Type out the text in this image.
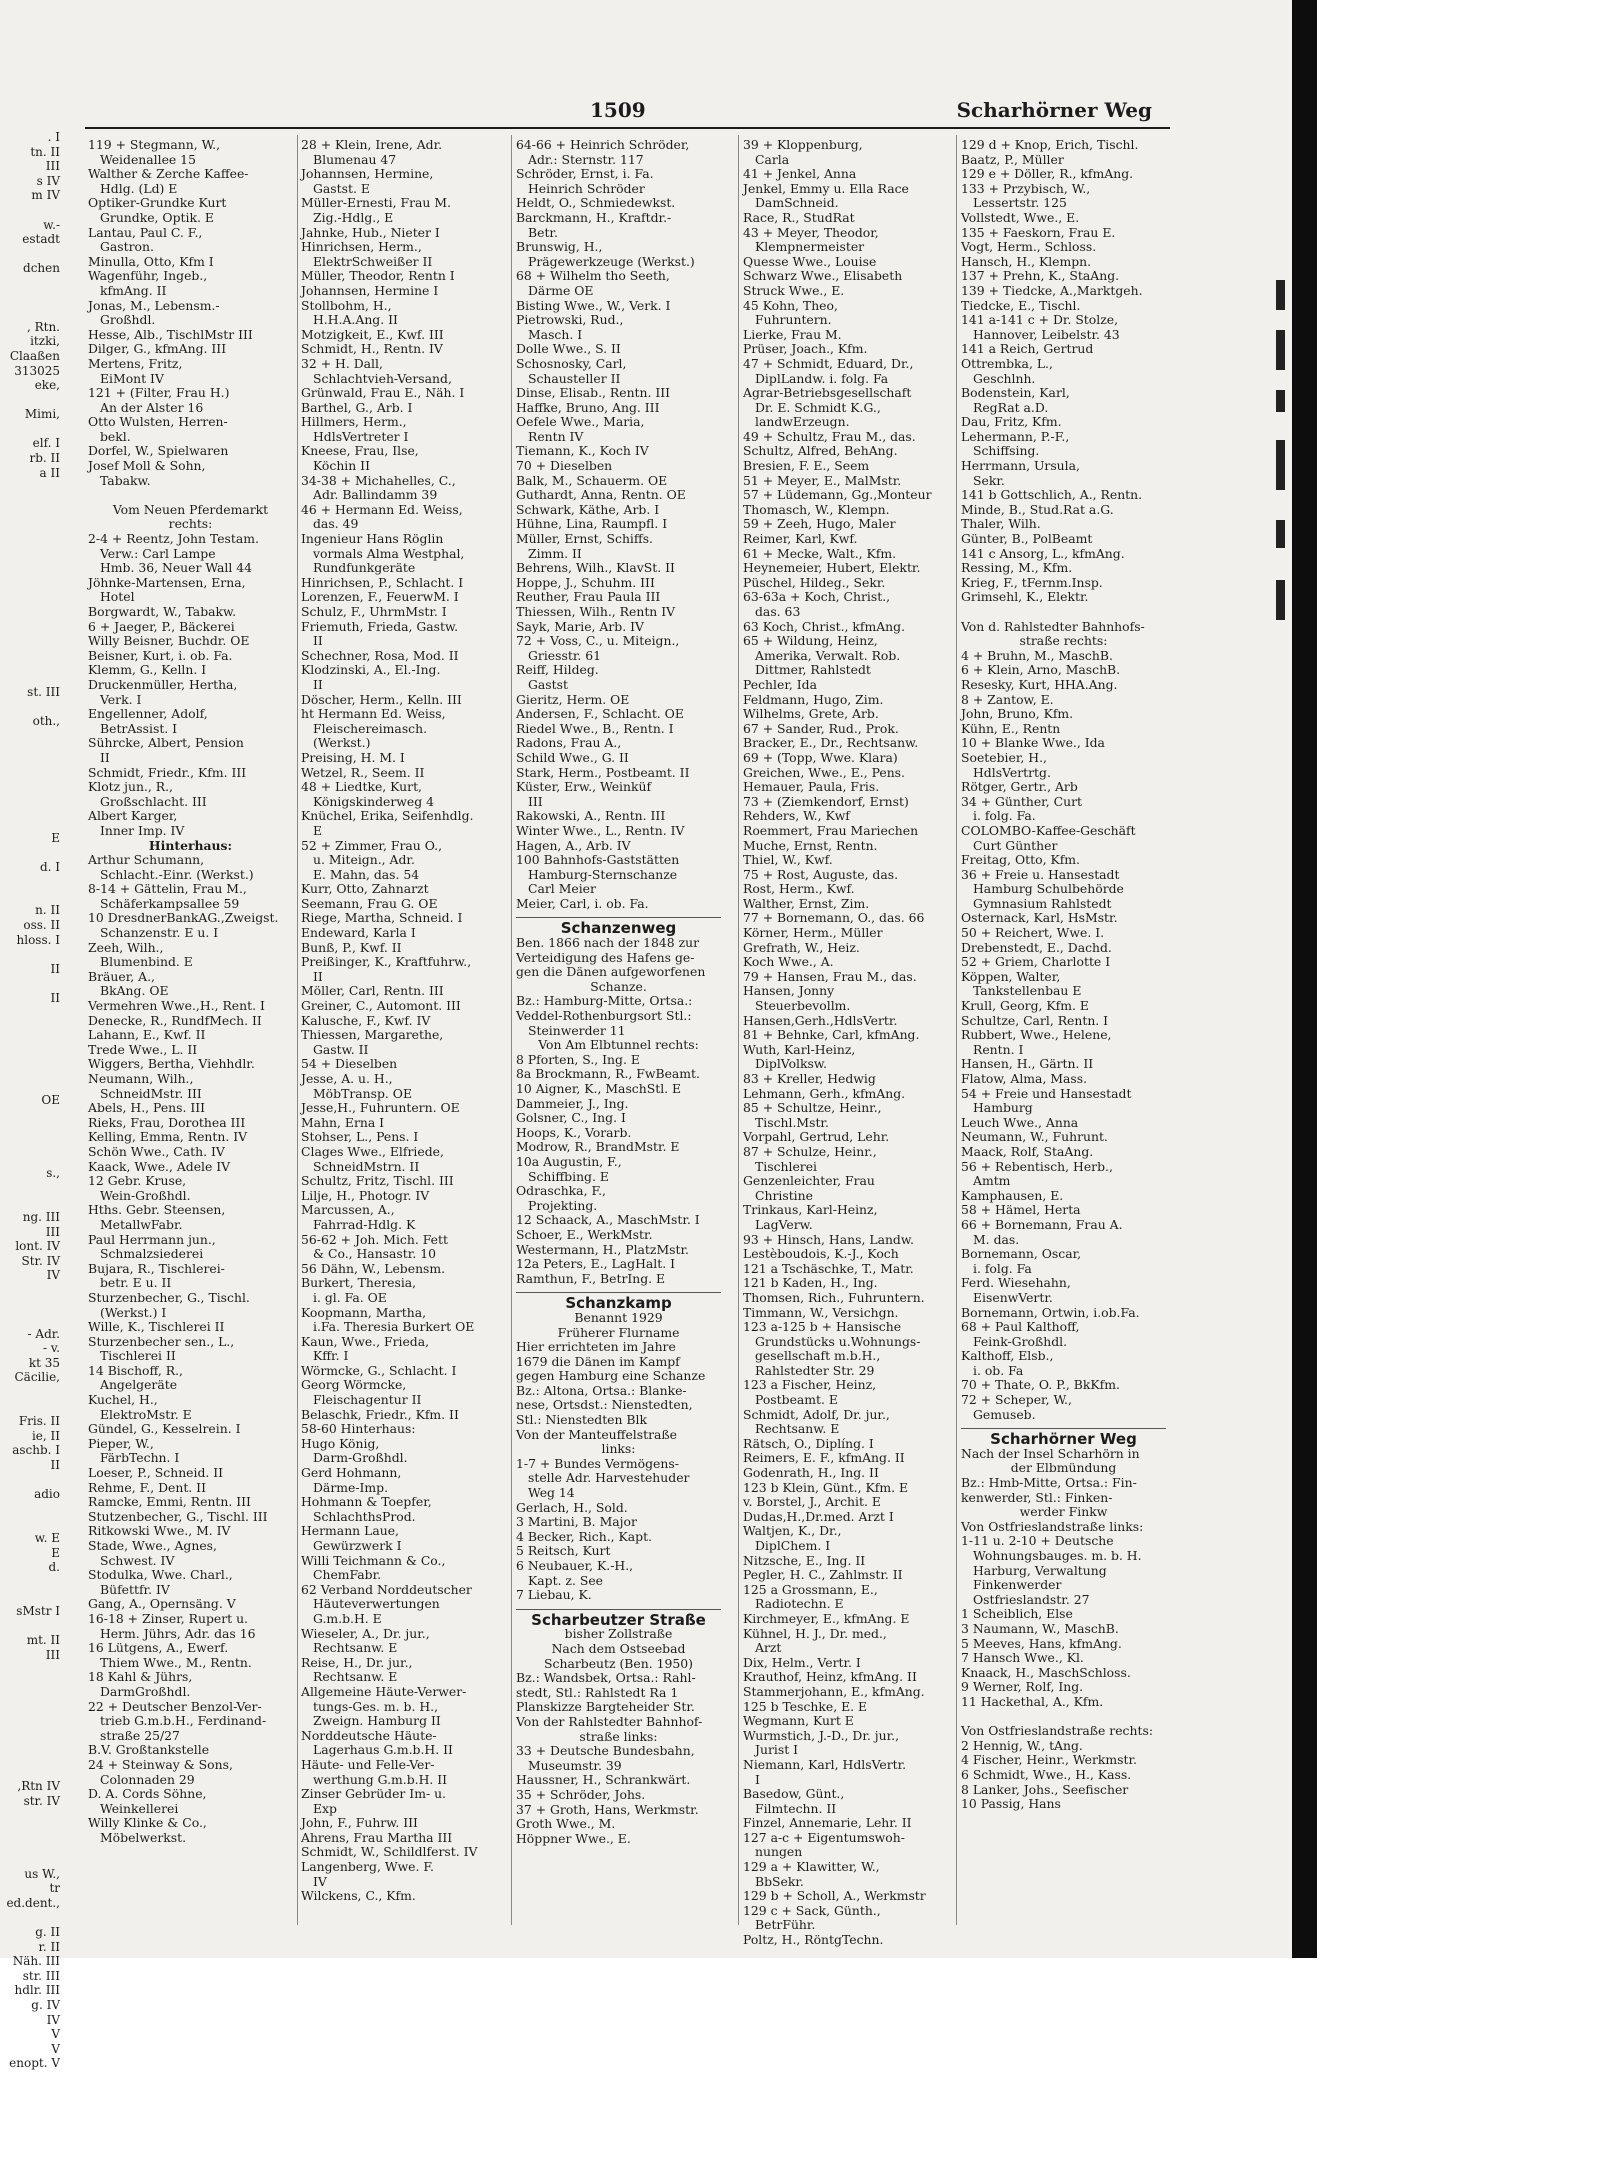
. I
tn. II
III
s IV
m IV

w.-
estadt

dchen

, Rtn.
itzki,
Claaßen
313025
eke,

Mimi,

elf. I
rb. II
a II

st. III

oth.,

E

d. I

n. II
oss. II
hloss. I

II

II

OE

s.,

ng. III
III
lont. IV
Str. IV
IV

- Adr.
- v.
kt 35
Cäcilie,

Fris. II
ie, II
aschb. I
II

adio

w. E
E
d.

sMstr I

mt. II
III

,Rtn IV
str. IV

us W.,
tr
ed.dent.,

g. II
r. II
Näh. III
str. III
hdlr. III
g. IV
IV
V
V
enopt. V
1509	Scharhörner Weg
119 + Stegmann, W.,
Weidenallee 15
Walther & Zerche Kaffee-
Hdlg. (Ld) E
Optiker-Grundke Kurt
Grundke, Optik. E
Lantau, Paul C. F.,
Gastron.
Minulla, Otto, Kfm I
Wagenführ, Ingeb.,
kfmAng. II
Jonas, M., Lebensm.-
Großhdl.
Hesse, Alb., TischlMstr III
Dilger, G., kfmAng. III
Mertens, Fritz,
EiMont IV
121 + (Filter, Frau H.)
An der Alster 16
Otto Wulsten, Herren-
bekl.
Dorfel, W., Spielwaren
Josef Moll & Sohn,
Tabakw.

Vom Neuen Pferdemarkt
rechts:
2-4 + Reentz, John Testam.
Verw.: Carl Lampe
Hmb. 36, Neuer Wall 44
Jöhnke-Martensen, Erna,
Hotel
Borgwardt, W., Tabakw.
6 + Jaeger, P., Bäckerei
Willy Beisner, Buchdr. OE
Beisner, Kurt, i. ob. Fa.
Klemm, G., Kelln. I
Druckenmüller, Hertha,
Verk. I
Engellenner, Adolf,
BetrAssist. I
Sührcke, Albert, Pension
II
Schmidt, Friedr., Kfm. III
Klotz jun., R.,
Großschlacht. III
Albert Karger,
Inner Imp. IV
Hinterhaus:
Arthur Schumann,
Schlacht.-Einr. (Werkst.)
8-14 + Gättelin, Frau M.,
Schäferkampsallee 59
10 DresdnerBankAG.,Zweigst.
Schanzenstr. E u. I
Zeeh, Wilh.,
Blumenbind. E
Bräuer, A.,
BkAng. OE
Vermehren Wwe.,H., Rent. I
Denecke, R., RundfMech. II
Lahann, E., Kwf. II
Trede Wwe., L. II
Wiggers, Bertha, Viehhdlr.
Neumann, Wilh.,
SchneidMstr. III
Abels, H., Pens. III
Rieks, Frau, Dorothea III
Kelling, Emma, Rentn. IV
Schön Wwe., Cath. IV
Kaack, Wwe., Adele IV
12 Gebr. Kruse,
Wein-Großhdl.
Hths. Gebr. Steensen,
MetallwFabr.
Paul Herrmann jun.,
Schmalzsiederei
Bujara, R., Tischlerei-
betr. E u. II
Sturzenbecher, G., Tischl.
(Werkst.) I
Wille, K., Tischlerei II
Sturzenbecher sen., L.,
Tischlerei II
14 Bischoff, R.,
Angelgeräte
Kuchel, H.,
ElektroMstr. E
Gündel, G., Kesselrein. I
Pieper, W.,
FärbTechn. I
Loeser, P., Schneid. II
Rehme, F., Dent. II
Ramcke, Emmi, Rentn. III
Stutzenbecher, G., Tischl. III
Ritkowski Wwe., M. IV
Stade, Wwe., Agnes,
Schwest. IV
Stodulka, Wwe. Charl.,
Büfettfr. IV
Gang, A., Opernsäng. V
16-18 + Zinser, Rupert u.
Herm. Jührs, Adr. das 16
16 Lütgens, A., Ewerf.
Thiem Wwe., M., Rentn.
18 Kahl & Jührs,
DarmGroßhdl.
22 + Deutscher Benzol-Ver-
trieb G.m.b.H., Ferdinand-
straße 25/27
B.V. Großtankstelle
24 + Steinway & Sons,
Colonnaden 29
D. A. Cords Söhne,
Weinkellerei
Willy Klinke & Co.,
Möbelwerkst.
28 + Klein, Irene, Adr.
Blumenau 47
Johannsen, Hermine,
Gastst. E
Müller-Ernesti, Frau M.
Zig.-Hdlg., E
Jahnke, Hub., Nieter I
Hinrichsen, Herm.,
ElektrSchweißer II
Müller, Theodor, Rentn I
Johannsen, Hermine I
Stollbohm, H.,
H.H.A.Ang. II
Motzigkeit, E., Kwf. III
Schmidt, H., Rentn. IV
32 + H. Dall,
Schlachtvieh-Versand,
Grünwald, Frau E., Näh. I
Barthel, G., Arb. I
Hillmers, Herm.,
HdlsVertreter I
Kneese, Frau, Ilse,
Köchin II
34-38 + Michahelles, C.,
Adr. Ballindamm 39
46 + Hermann Ed. Weiss,
das. 49
Ingenieur Hans Röglin
vormals Alma Westphal,
Rundfunkgeräte
Hinrichsen, P., Schlacht. I
Lorenzen, F., FeuerwM. I
Schulz, F., UhrmMstr. I
Friemuth, Frieda, Gastw.
II
Schechner, Rosa, Mod. II
Klodzinski, A., El.-Ing.
II
Döscher, Herm., Kelln. III
ht Hermann Ed. Weiss,
Fleischereimasch.
(Werkst.)
Preising, H. M. I
Wetzel, R., Seem. II
48 + Liedtke, Kurt,
Königskinderweg 4
Knüchel, Erika, Seifenhdlg.
E
52 + Zimmer, Frau O.,
u. Miteign., Adr.
E. Mahn, das. 54
Kurr, Otto, Zahnarzt
Seemann, Frau G. OE
Riege, Martha, Schneid. I
Endeward, Karla I
Bunß, P., Kwf. II
Preißinger, K., Kraftfuhrw.,
II
Möller, Carl, Rentn. III
Greiner, C., Automont. III
Kalusche, F., Kwf. IV
Thiessen, Margarethe,
Gastw. II
54 + Dieselben
Jesse, A. u. H.,
MöbTransp. OE
Jesse,H., Fuhruntern. OE
Mahn, Erna I
Stohser, L., Pens. I
Clages Wwe., Elfriede,
SchneidMstrn. II
Schultz, Fritz, Tischl. III
Lilje, H., Photogr. IV
Marcussen, A.,
Fahrrad-Hdlg. K
56-62 + Joh. Mich. Fett
& Co., Hansastr. 10
56 Dähn, W., Lebensm.
Burkert, Theresia,
i. gl. Fa. OE
Koopmann, Martha,
i.Fa. Theresia Burkert OE
Kaun, Wwe., Frieda,
Kffr. I
Wörmcke, G., Schlacht. I
Georg Wörmcke,
Fleischagentur II
Belaschk, Friedr., Kfm. II
58-60 Hinterhaus:
Hugo König,
Darm-Großhdl.
Gerd Hohmann,
Därme-Imp.
Hohmann & Toepfer,
SchlachthsProd.
Hermann Laue,
Gewürzwerk I
Willi Teichmann & Co.,
ChemFabr.
62 Verband Norddeutscher
Häuteverwertungen
G.m.b.H. E
Wieseler, A., Dr. jur.,
Rechtsanw. E
Reise, H., Dr. jur.,
Rechtsanw. E
Allgemeine Häute-Verwer-
tungs-Ges. m. b. H.,
Zweign. Hamburg II
Norddeutsche Häute-
Lagerhaus G.m.b.H. II
Häute- und Felle-Ver-
werthung G.m.b.H. II
Zinser Gebrüder Im- u.
Exp
John, F., Fuhrw. III
Ahrens, Frau Martha III
Schmidt, W., Schildlferst. IV
Langenberg, Wwe. F.
IV
Wilckens, C., Kfm.
64-66 + Heinrich Schröder,
Adr.: Sternstr. 117
Schröder, Ernst, i. Fa.
Heinrich Schröder
Heldt, O., Schmiedewkst.
Barckmann, H., Kraftdr.-
Betr.
Brunswig, H.,
Prägewerkzeuge (Werkst.)
68 + Wilhelm tho Seeth,
Därme OE
Bisting Wwe., W., Verk. I
Pietrowski, Rud.,
Masch. I
Dolle Wwe., S. II
Schosnosky, Carl,
Schausteller II
Dinse, Elisab., Rentn. III
Haffke, Bruno, Ang. III
Oefele Wwe., Maria,
Rentn IV
Tiemann, K., Koch IV
70 + Dieselben
Balk, M., Schauerm. OE
Guthardt, Anna, Rentn. OE
Schwark, Käthe, Arb. I
Hühne, Lina, Raumpfl. I
Müller, Ernst, Schiffs.
Zimm. II
Behrens, Wilh., KlavSt. II
Hoppe, J., Schuhm. III
Reuther, Frau Paula III
Thiessen, Wilh., Rentn IV
Sayk, Marie, Arb. IV
72 + Voss, C., u. Miteign.,
Griesstr. 61
Reiff, Hildeg.
Gastst
Gieritz, Herm. OE
Andersen, F., Schlacht. OE
Riedel Wwe., B., Rentn. I
Radons, Frau A.,
Schild Wwe., G. II
Stark, Herm., Postbeamt. II
Küster, Erw., Weinküf
III
Rakowski, A., Rentn. III
Winter Wwe., L., Rentn. IV
Hagen, A., Arb. IV
100 Bahnhofs-Gaststätten
Hamburg-Sternschanze
Carl Meier
Meier, Carl, i. ob. Fa.
Schanzenweg
Ben. 1866 nach der 1848 zur
Verteidigung des Hafens ge-
gen die Dänen aufgeworfenen
Schanze.
Bz.: Hamburg-Mitte, Ortsa.:
Veddel-Rothenburgsort Stl.:
Steinwerder 11
Von Am Elbtunnel rechts:
8 Pforten, S., Ing. E
8a Brockmann, R., FwBeamt.
10 Aigner, K., MaschStl. E
Dammeier, J., Ing.
Golsner, C., Ing. I
Hoops, K., Vorarb.
Modrow, R., BrandMstr. E
10a Augustin, F.,
Schiffbing. E
Odraschka, F.,
Projekting.
12 Schaack, A., MaschMstr. I
Schoer, E., WerkMstr.
Westermann, H., PlatzMstr.
12a Peters, E., LagHalt. I
Ramthun, F., BetrIng. E
Schanzkamp
Benannt 1929
Früherer Flurname
Hier errichteten im Jahre
1679 die Dänen im Kampf
gegen Hamburg eine Schanze
Bz.: Altona, Ortsa.: Blanke-
nese, Ortsdst.: Nienstedten,
Stl.: Nienstedten Blk
Von der Manteuffelstraße
links:
1-7 + Bundes Vermögens-
stelle Adr. Harvestehuder
Weg 14
Gerlach, H., Sold.
3 Martini, B. Major
4 Becker, Rich., Kapt.
5 Reitsch, Kurt
6 Neubauer, K.-H.,
Kapt. z. See
7 Liebau, K.
Scharbeutzer Straße
bisher Zollstraße
Nach dem Ostseebad
Scharbeutz (Ben. 1950)
Bz.: Wandsbek, Ortsa.: Rahl-
stedt, Stl.: Rahlstedt Ra 1
Planskizze Bargteheider Str.
Von der Rahlstedter Bahnhof-
straße links:
33 + Deutsche Bundesbahn,
Museumstr. 39
Haussner, H., Schrankwärt.
35 + Schröder, Johs.
37 + Groth, Hans, Werkmstr.
Groth Wwe., M.
Höppner Wwe., E.
39 + Kloppenburg,
Carla
41 + Jenkel, Anna
Jenkel, Emmy u. Ella Race
DamSchneid.
Race, R., StudRat
43 + Meyer, Theodor,
Klempnermeister
Quesse Wwe., Louise
Schwarz Wwe., Elisabeth
Struck Wwe., E.
45 Kohn, Theo,
Fuhruntern.
Lierke, Frau M.
Prüser, Joach., Kfm.
47 + Schmidt, Eduard, Dr.,
DiplLandw. i. folg. Fa
Agrar-Betriebsgesellschaft
Dr. E. Schmidt K.G.,
landwErzeugn.
49 + Schultz, Frau M., das.
Schultz, Alfred, BehAng.
Bresien, F. E., Seem
51 + Meyer, E., MalMstr.
57 + Lüdemann, Gg.,Monteur
Thomasch, W., Klempn.
59 + Zeeh, Hugo, Maler
Reimer, Karl, Kwf.
61 + Mecke, Walt., Kfm.
Heynemeier, Hubert, Elektr.
Püschel, Hildeg., Sekr.
63-63a + Koch, Christ.,
das. 63
63 Koch, Christ., kfmAng.
65 + Wildung, Heinz,
Amerika, Verwalt. Rob.
Dittmer, Rahlstedt
Pechler, Ida
Feldmann, Hugo, Zim.
Wilhelms, Grete, Arb.
67 + Sander, Rud., Prok.
Bracker, E., Dr., Rechtsanw.
69 + (Topp, Wwe. Klara)
Greichen, Wwe., E., Pens.
Hemauer, Paula, Fris.
73 + (Ziemkendorf, Ernst)
Rehders, W., Kwf
Roemmert, Frau Mariechen
Muche, Ernst, Rentn.
Thiel, W., Kwf.
75 + Rost, Auguste, das.
Rost, Herm., Kwf.
Walther, Ernst, Zim.
77 + Bornemann, O., das. 66
Körner, Herm., Müller
Grefrath, W., Heiz.
Koch Wwe., A.
79 + Hansen, Frau M., das.
Hansen, Jonny
Steuerbevollm.
Hansen,Gerh.,HdlsVertr.
81 + Behnke, Carl, kfmAng.
Wuth, Karl-Heinz,
DiplVolksw.
83 + Kreller, Hedwig
Lehmann, Gerh., kfmAng.
85 + Schultze, Heinr.,
Tischl.Mstr.
Vorpahl, Gertrud, Lehr.
87 + Schulze, Heinr.,
Tischlerei
Genzenleichter, Frau
Christine
Trinkaus, Karl-Heinz,
LagVerw.
93 + Hinsch, Hans, Landw.
Lestèboudois, K.-J., Koch
121 a Tschäschke, T., Matr.
121 b Kaden, H., Ing.
Thomsen, Rich., Fuhruntern.
Timmann, W., Versichgn.
123 a-125 b + Hansische
Grundstücks u.Wohnungs-
gesellschaft m.b.H.,
Rahlstedter Str. 29
123 a Fischer, Heinz,
Postbeamt. E
Schmidt, Adolf, Dr. jur.,
Rechtsanw. E
Rätsch, O., Diplíng. I
Reimers, E. F., kfmAng. II
Godenrath, H., Ing. II
123 b Klein, Günt., Kfm. E
v. Borstel, J., Archit. E
Dudas,H.,Dr.med. Arzt I
Waltjen, K., Dr.,
DiplChem. I
Nitzsche, E., Ing. II
Pegler, H. C., Zahlmstr. II
125 a Grossmann, E.,
Radiotechn. E
Kirchmeyer, E., kfmAng. E
Kühnel, H. J., Dr. med.,
Arzt
Dix, Helm., Vertr. I
Krauthof, Heinz, kfmAng. II
Stammerjohann, E., kfmAng.
125 b Teschke, E. E
Wegmann, Kurt E
Wurmstich, J.-D., Dr. jur.,
Jurist I
Niemann, Karl, HdlsVertr.
I
Basedow, Günt.,
Filmtechn. II
Finzel, Annemarie, Lehr. II
127 a-c + Eigentumswoh-
nungen
129 a + Klawitter, W.,
BbSekr.
129 b + Scholl, A., Werkmstr
129 c + Sack, Günth.,
BetrFühr.
Poltz, H., RöntgTechn.
129 d + Knop, Erich, Tischl.
Baatz, P., Müller
129 e + Döller, R., kfmAng.
133 + Przybisch, W.,
Lessertstr. 125
Vollstedt, Wwe., E.
135 + Faeskorn, Frau E.
Vogt, Herm., Schloss.
Hansch, H., Klempn.
137 + Prehn, K., StaAng.
139 + Tiedcke, A.,Marktgeh.
Tiedcke, E., Tischl.
141 a-141 c + Dr. Stolze,
Hannover, Leibelstr. 43
141 a Reich, Gertrud
Ottrembka, L.,
Geschlnh.
Bodenstein, Karl,
RegRat a.D.
Dau, Fritz, Kfm.
Lehermann, P.-F.,
Schiffsing.
Herrmann, Ursula,
Sekr.
141 b Gottschlich, A., Rentn.
Minde, B., Stud.Rat a.G.
Thaler, Wilh.
Günter, B., PolBeamt
141 c Ansorg, L., kfmAng.
Ressing, M., Kfm.
Krieg, F., tFernm.Insp.
Grimsehl, K., Elektr.

Von d. Rahlstedter Bahnhofs-
straße rechts:
4 + Bruhn, M., MaschB.
6 + Klein, Arno, MaschB.
Resesky, Kurt, HHA.Ang.
8 + Zantow, E.
John, Bruno, Kfm.
Kühn, E., Rentn
10 + Blanke Wwe., Ida
Soetebier, H.,
HdlsVertrtg.
Rötger, Gertr., Arb
34 + Günther, Curt
i. folg. Fa.
COLOMBO-Kaffee-Geschäft
Curt Günther
Freitag, Otto, Kfm.
36 + Freie u. Hansestadt
Hamburg Schulbehörde
Gymnasium Rahlstedt
Osternack, Karl, HsMstr.
50 + Reichert, Wwe. I.
Drebenstedt, E., Dachd.
52 + Griem, Charlotte I
Köppen, Walter,
Tankstellenbau E
Krull, Georg, Kfm. E
Schultze, Carl, Rentn. I
Rubbert, Wwe., Helene,
Rentn. I
Hansen, H., Gärtn. II
Flatow, Alma, Mass.
54 + Freie und Hansestadt
Hamburg
Leuch Wwe., Anna
Neumann, W., Fuhrunt.
Maack, Rolf, StaAng.
56 + Rebentisch, Herb.,
Amtm
Kamphausen, E.
58 + Hämel, Herta
66 + Bornemann, Frau A.
M. das.
Bornemann, Oscar,
i. folg. Fa
Ferd. Wiesehahn,
EisenwVertr.
Bornemann, Ortwin, i.ob.Fa.
68 + Paul Kalthoff,
Feink-Großhdl.
Kalthoff, Elsb.,
i. ob. Fa
70 + Thate, O. P., BkKfm.
72 + Scheper, W.,
Gemuseb.
Scharhörner Weg
Nach der Insel Scharhörn in
der Elbmündung
Bz.: Hmb-Mitte, Ortsa.: Fin-
kenwerder, Stl.: Finken-
werder Finkw
Von Ostfrieslandstraße links:
1-11 u. 2-10 + Deutsche
Wohnungsbauges. m. b. H.
Harburg, Verwaltung
Finkenwerder
Ostfrieslandstr. 27
1 Scheiblich, Else
3 Naumann, W., MaschB.
5 Meeves, Hans, kfmAng.
7 Hansch Wwe., Kl.
Knaack, H., MaschSchloss.
9 Werner, Rolf, Ing.
11 Hackethal, A., Kfm.

Von Ostfrieslandstraße rechts:
2 Hennig, W., tAng.
4 Fischer, Heinr., Werkmstr.
6 Schmidt, Wwe., H., Kass.
8 Lanker, Johs., Seefischer
10 Passig, Hans
